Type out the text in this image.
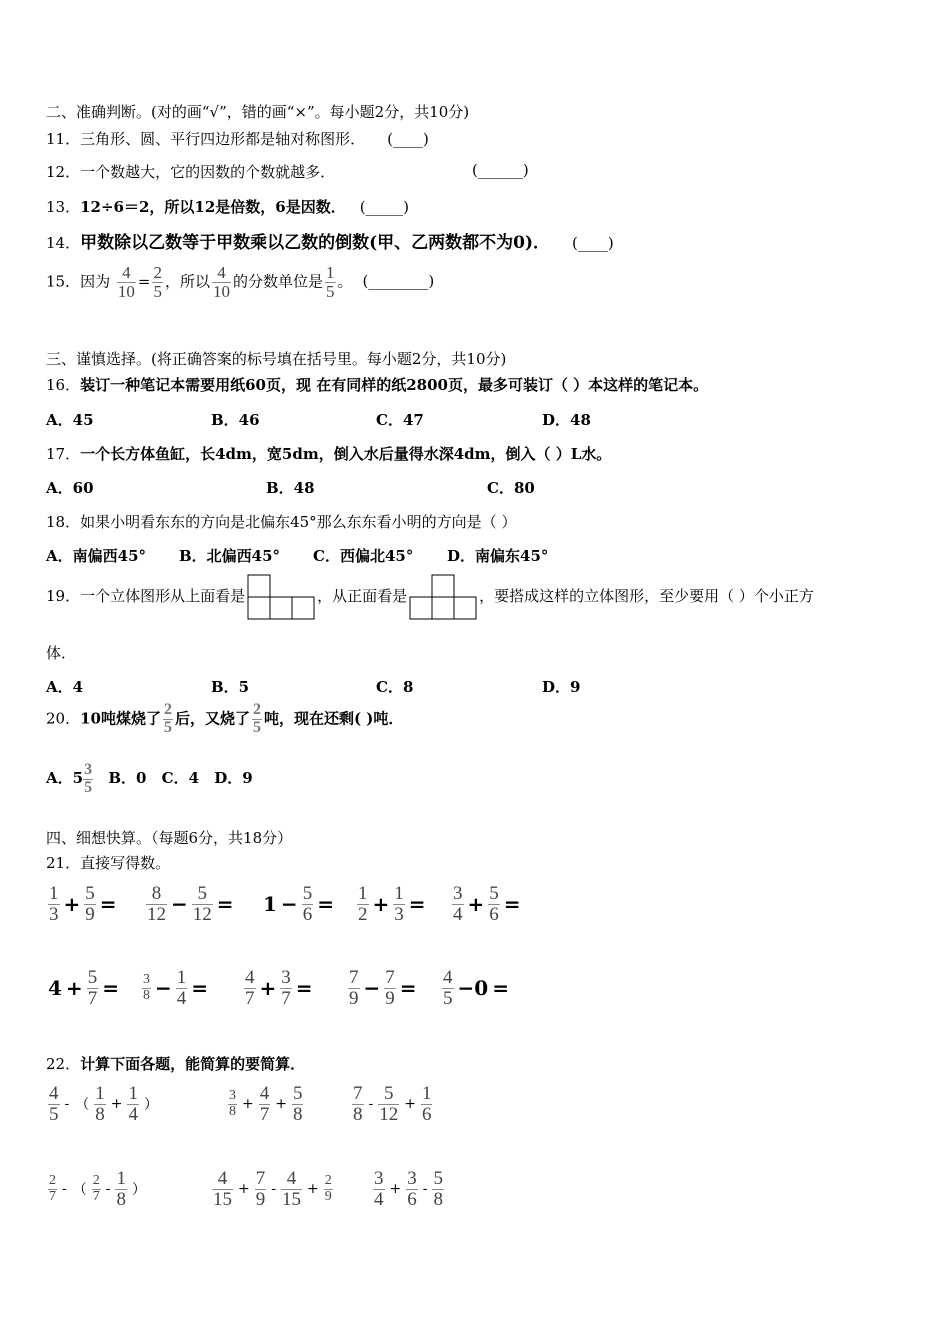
二、准确判断。(对的画“√”，错的画“×”。每小题2分，共10分)
11．三角形、圆、平行四边形都是轴对称图形． (____)
12．一个数越大，它的因数的个数就越多．	(______)
13．12÷6＝2，所以12是倍数，6是因数． (_____)
14．甲数除以乙数等于甲数乘以乙数的倒数(甲、乙两数都不为0)． (____)
15．因为 $\frac{4}{10} = \frac{2}{5}$ ，所以 $\frac{4}{10}$ 的分数单位是 $\frac{1}{5}$ 。 (________)
三、谨慎选择。(将正确答案的标号填在括号里。每小题2分，共10分)
16．装订一种笔记本需要用纸60页，现 在有同样的纸2800页，最多可装订（ ）本这样的笔记本。
A．45	B．46	C．47	D．48
17．一个长方体鱼缸，长4dm，宽5dm，倒入水后量得水深4dm，倒入（ ）L水。
A．60	B．48	C．80
18．如果小明看东东的方向是北偏东45°那么东东看小明的方向是（ ）
A．南偏西45° B．北偏西45° C．西偏北45° D．南偏东45°
19．一个立体图形从上面看是	，从正面看是	，要搭成这样的立体图形，至少要用（ ）个小正方
体．
A．4	B．5	C．8	D．9
20．10吨煤烧了 $\frac{2}{5}$ 后，又烧了 $\frac{2}{5}$ 吨，现在还剩( )吨．
A．$5 \frac{3}{5}$ B．0 C．4 D．9
四、细想快算。（每题6分，共18分）
21．直接写得数。
$\frac{1}{3} + \frac{5}{9} = \frac{8}{12} - \frac{5}{12} = 1 - \frac{5}{6} = \frac{1}{2} + \frac{1}{3} = \frac{3}{4} + \frac{5}{6}$ =
$4 + \frac{5}{7} = \frac{3}{8} - \frac{1}{4} = \frac{4}{7} + \frac{3}{7} = \frac{7}{9} - \frac{7}{9} = \frac{4}{5} -0$ =
22．计算下面各题，能简算的要简算．
$\frac{4}{5}$ - （ $\frac{1}{8} + \frac{1}{4}$ ）	$\frac{3}{8} + \frac{4}{7} + \frac{5}{8}$	$\frac{7}{8} - \frac{5}{12} + \frac{1}{6}$
$\frac{2}{7}$ - （ $\frac{2}{7} - \frac{1}{8}$ ）	$\frac{4}{15} + \frac{7}{9} - \frac{4}{15} + \frac{2}{9} \frac{3}{4} + \frac{3}{6} - \frac{5}{8}$
